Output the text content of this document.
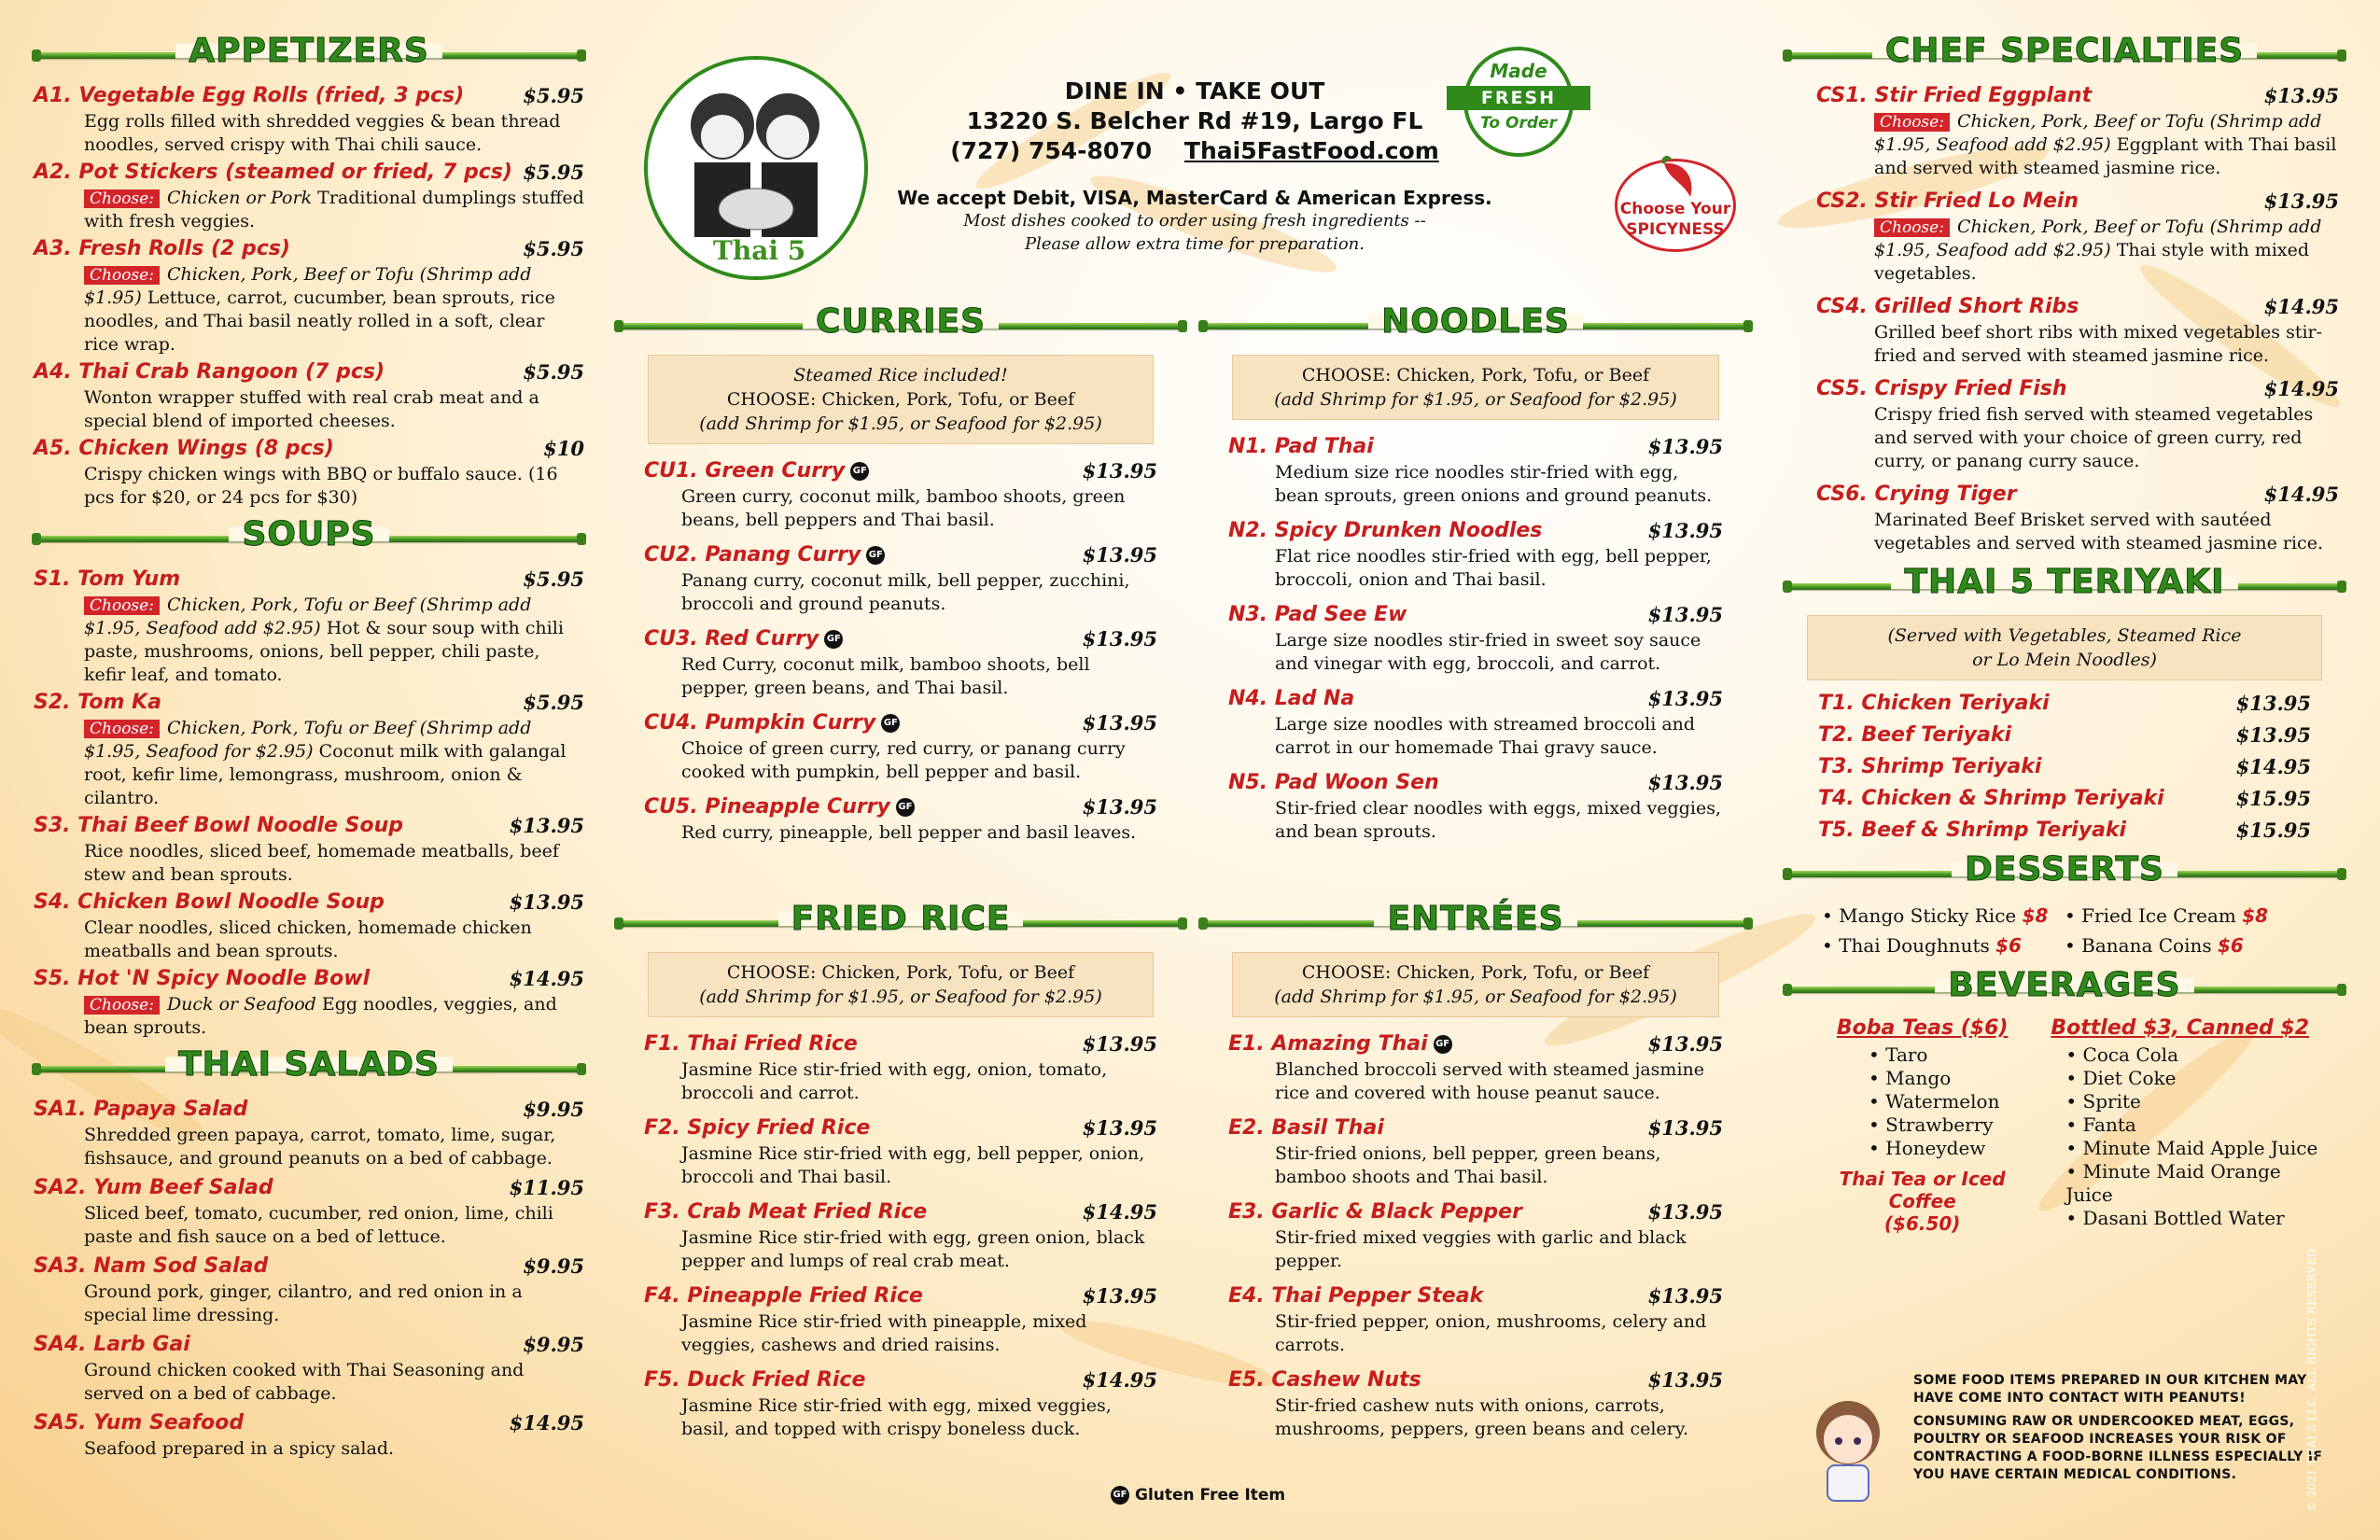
APPETIZERS
A1. Vegetable Egg Rolls (fried, 3 pcs)	$5.95
Egg rolls filled with shredded veggies & bean thread noodles, served crispy with Thai chili sauce.
A2. Pot Stickers (steamed or fried, 7 pcs) $5.95
Choose: Chicken or Pork Traditional dumplings stuffed with fresh veggies.
A3. Fresh Rolls (2 pcs)	$5.95
Choose: Chicken, Pork, Beef or Tofu (Shrimp add $1.95) Lettuce, carrot, cucumber, bean sprouts, rice noodles, and Thai basil neatly rolled in a soft, clear rice wrap.
A4. Thai Crab Rangoon (7 pcs)	$5.95
Wonton wrapper stuffed with real crab meat and a special blend of imported cheeses.
A5. Chicken Wings (8 pcs)	$10
Crispy chicken wings with BBQ or buffalo sauce. (16 pcs for $20, or 24 pcs for $30)
SOUPS
S1. Tom Yum	$5.95
Choose: Chicken, Pork, Tofu or Beef (Shrimp add $1.95, Seafood add $2.95) Hot & sour soup with chili paste, mushrooms, onions, bell pepper, chili paste, kefir leaf, and tomato.
S2. Tom Ka	$5.95
Choose: Chicken, Pork, Tofu or Beef (Shrimp add $1.95, Seafood for $2.95) Coconut milk with galangal root, kefir lime, lemongrass, mushroom, onion & cilantro.
S3. Thai Beef Bowl Noodle Soup	$13.95
Rice noodles, sliced beef, homemade meatballs, beef stew and bean sprouts.
S4. Chicken Bowl Noodle Soup	$13.95
Clear noodles, sliced chicken, homemade chicken meatballs and bean sprouts.
S5. Hot 'N Spicy Noodle Bowl	$14.95
Choose: Duck or Seafood Egg noodles, veggies, and bean sprouts.
THAI SALADS
SA1. Papaya Salad	$9.95
Shredded green papaya, carrot, tomato, lime, sugar, fishsauce, and ground peanuts on a bed of cabbage.
SA2. Yum Beef Salad	$11.95
Sliced beef, tomato, cucumber, red onion, lime, chili paste and fish sauce on a bed of lettuce.
SA3. Nam Sod Salad	$9.95
Ground pork, ginger, cilantro, and red onion in a special lime dressing.
SA4. Larb Gai	$9.95
Ground chicken cooked with Thai Seasoning and served on a bed of cabbage.
SA5. Yum Seafood	$14.95
Seafood prepared in a spicy salad.
Thai 5
DINE IN • TAKE OUT
13220 S. Belcher Rd #19, Largo FL
(727) 754-8070 Thai5FastFood.com
We accept Debit, VISA, MasterCard & American Express.
Most dishes cooked to order using fresh ingredients --
Please allow extra time for preparation.
Made
FRESH
To Order
Choose Your
SPICYNESS
CURRIES
Steamed Rice included!
CHOOSE: Chicken, Pork, Tofu, or Beef
(add Shrimp for $1.95, or Seafood for $2.95)
CU1. Green Curry GF	$13.95
Green curry, coconut milk, bamboo shoots, green beans, bell peppers and Thai basil.
CU2. Panang Curry GF	$13.95
Panang curry, coconut milk, bell pepper, zucchini, broccoli and ground peanuts.
CU3. Red Curry GF	$13.95
Red Curry, coconut milk, bamboo shoots, bell pepper, green beans, and Thai basil.
CU4. Pumpkin Curry GF	$13.95
Choice of green curry, red curry, or panang curry cooked with pumpkin, bell pepper and basil.
CU5. Pineapple Curry GF	$13.95
Red curry, pineapple, bell pepper and basil leaves.
FRIED RICE
CHOOSE: Chicken, Pork, Tofu, or Beef
(add Shrimp for $1.95, or Seafood for $2.95)
F1. Thai Fried Rice	$13.95
Jasmine Rice stir-fried with egg, onion, tomato, broccoli and carrot.
F2. Spicy Fried Rice	$13.95
Jasmine Rice stir-fried with egg, bell pepper, onion, broccoli and Thai basil.
F3. Crab Meat Fried Rice	$14.95
Jasmine Rice stir-fried with egg, green onion, black pepper and lumps of real crab meat.
F4. Pineapple Fried Rice	$13.95
Jasmine Rice stir-fried with pineapple, mixed veggies, cashews and dried raisins.
F5. Duck Fried Rice	$14.95
Jasmine Rice stir-fried with egg, mixed veggies, basil, and topped with crispy boneless duck.
NOODLES
CHOOSE: Chicken, Pork, Tofu, or Beef
(add Shrimp for $1.95, or Seafood for $2.95)
N1. Pad Thai	$13.95
Medium size rice noodles stir-fried with egg, bean sprouts, green onions and ground peanuts.
N2. Spicy Drunken Noodles	$13.95
Flat rice noodles stir-fried with egg, bell pepper, broccoli, onion and Thai basil.
N3. Pad See Ew	$13.95
Large size noodles stir-fried in sweet soy sauce and vinegar with egg, broccoli, and carrot.
N4. Lad Na	$13.95
Large size noodles with streamed broccoli and carrot in our homemade Thai gravy sauce.
N5. Pad Woon Sen	$13.95
Stir-fried clear noodles with eggs, mixed veggies, and bean sprouts.
ENTRÉES
CHOOSE: Chicken, Pork, Tofu, or Beef
(add Shrimp for $1.95, or Seafood for $2.95)
E1. Amazing Thai GF	$13.95
Blanched broccoli served with steamed jasmine rice and covered with house peanut sauce.
E2. Basil Thai	$13.95
Stir-fried onions, bell pepper, green beans, bamboo shoots and Thai basil.
E3. Garlic & Black Pepper	$13.95
Stir-fried mixed veggies with garlic and black pepper.
E4. Thai Pepper Steak	$13.95
Stir-fried pepper, onion, mushrooms, celery and carrots.
E5. Cashew Nuts	$13.95
Stir-fried cashew nuts with onions, carrots, mushrooms, peppers, green beans and celery.
GF Gluten Free Item
CHEF SPECIALTIES
CS1. Stir Fried Eggplant	$13.95
Choose: Chicken, Pork, Beef or Tofu (Shrimp add $1.95, Seafood add $2.95) Eggplant with Thai basil and served with steamed jasmine rice.
CS2. Stir Fried Lo Mein	$13.95
Choose: Chicken, Pork, Beef or Tofu (Shrimp add $1.95, Seafood add $2.95) Thai style with mixed vegetables.
CS4. Grilled Short Ribs	$14.95
Grilled beef short ribs with mixed vegetables stir-fried and served with steamed jasmine rice.
CS5. Crispy Fried Fish	$14.95
Crispy fried fish served with steamed vegetables and served with your choice of green curry, red curry, or panang curry sauce.
CS6. Crying Tiger	$14.95
Marinated Beef Brisket served with sautéed vegetables and served with steamed jasmine rice.
THAI 5 TERIYAKI
(Served with Vegetables, Steamed Rice
or Lo Mein Noodles)
T1. Chicken Teriyaki	$13.95
T2. Beef Teriyaki	$13.95
T3. Shrimp Teriyaki	$14.95
T4. Chicken & Shrimp Teriyaki	$15.95
T5. Beef & Shrimp Teriyaki	$15.95
DESSERTS
• Mango Sticky Rice $8 • Fried Ice Cream $8
• Thai Doughnuts $6	• Banana Coins $6
BEVERAGES
Boba Teas ($6)
• Taro
• Mango
• Watermelon
• Strawberry
• Honeydew
Thai Tea or Iced Coffee
($6.50)
Bottled $3, Canned $2
• Coca Cola
• Diet Coke
• Sprite
• Fanta
• Minute Maid Apple Juice
• Minute Maid Orange Juice
• Dasani Bottled Water
SOME FOOD ITEMS PREPARED IN OUR KITCHEN MAY HAVE COME INTO CONTACT WITH PEANUTS!
CONSUMING RAW OR UNDERCOOKED MEAT, EGGS, POULTRY OR SEAFOOD INCREASES YOUR RISK OF CONTRACTING A FOOD-BORNE ILLNESS ESPECIALLY IF YOU HAVE CERTAIN MEDICAL CONDITIONS.	© 2021 THAI 5 LLC. ALL RIGHTS RESERVED.
